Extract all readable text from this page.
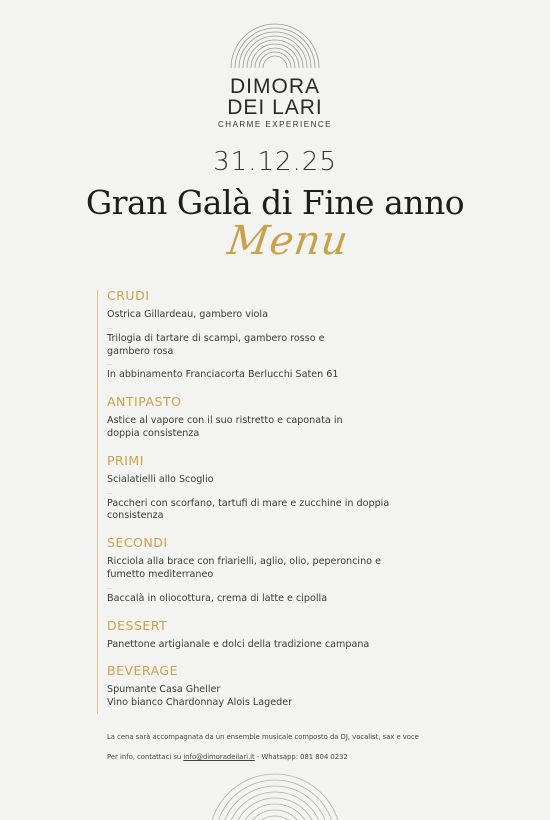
DIMORA
DEI LARI
CHARME EXPERIENCE
31.12.25
Gran Galà di Fine anno
Menu
CRUDI
Ostrica Gillardeau, gambero viola
...
Trilogia di tartare di scampi, gambero rosso e gambero rosa
...
In abbinamento Franciacorta Berlucchi Saten 61
ANTIPASTO
Astice al vapore con il suo ristretto e caponata in doppia consistenza
PRIMI
Scialatielli allo Scoglio
...
Paccheri con scorfano, tartufi di mare e zucchine in doppia consistenza
SECONDI
Ricciola alla brace con friarielli, aglio, olio, peperoncino e fumetto mediterraneo
...
Baccalà in oliocottura, crema di latte e cipolla
DESSERT
Panettone artigianale e dolci della tradizione campana
BEVERAGE
Spumante Casa Gheller
Vino bianco Chardonnay Alois Lageder
La cena sarà accompagnata da un ensemble musicale composto da DJ, vocalist, sax e voce
Per info, contattaci su info@dimoradeilari.it - Whatsapp: 081 804 0232
